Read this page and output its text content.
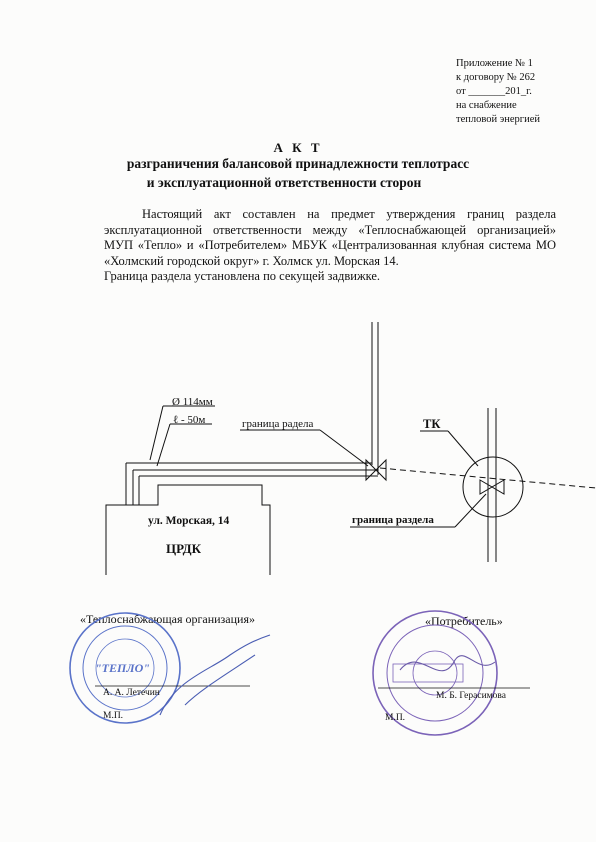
Приложение № 1
к договору № 262
от _______201_г.
на снабжение
тепловой энергией
А К Т
разграничения балансовой принадлежности теплотрасс
и эксплуатационной ответственности сторон

Настоящий акт составлен на предмет утверждения границ раздела эксплуатационной ответственности между «Теплоснабжающей организацией» МУП «Тепло» и «Потребителем» МБУК «Централизованная клубная система МО «Холмский городской округ» г. Холмск ул. Морская 14.

Граница раздела установлена по секущей задвижке.

Ø 114мм
ℓ - 50м	граница радела	ТК
граница раздела
ул. Морская, 14
ЦРДК
«Теплоснабжающая организация»	«Потребитель»
"ТЕПЛО"
А. А. Летечин
М.П.
М. Б. Герасимова
М.П.
